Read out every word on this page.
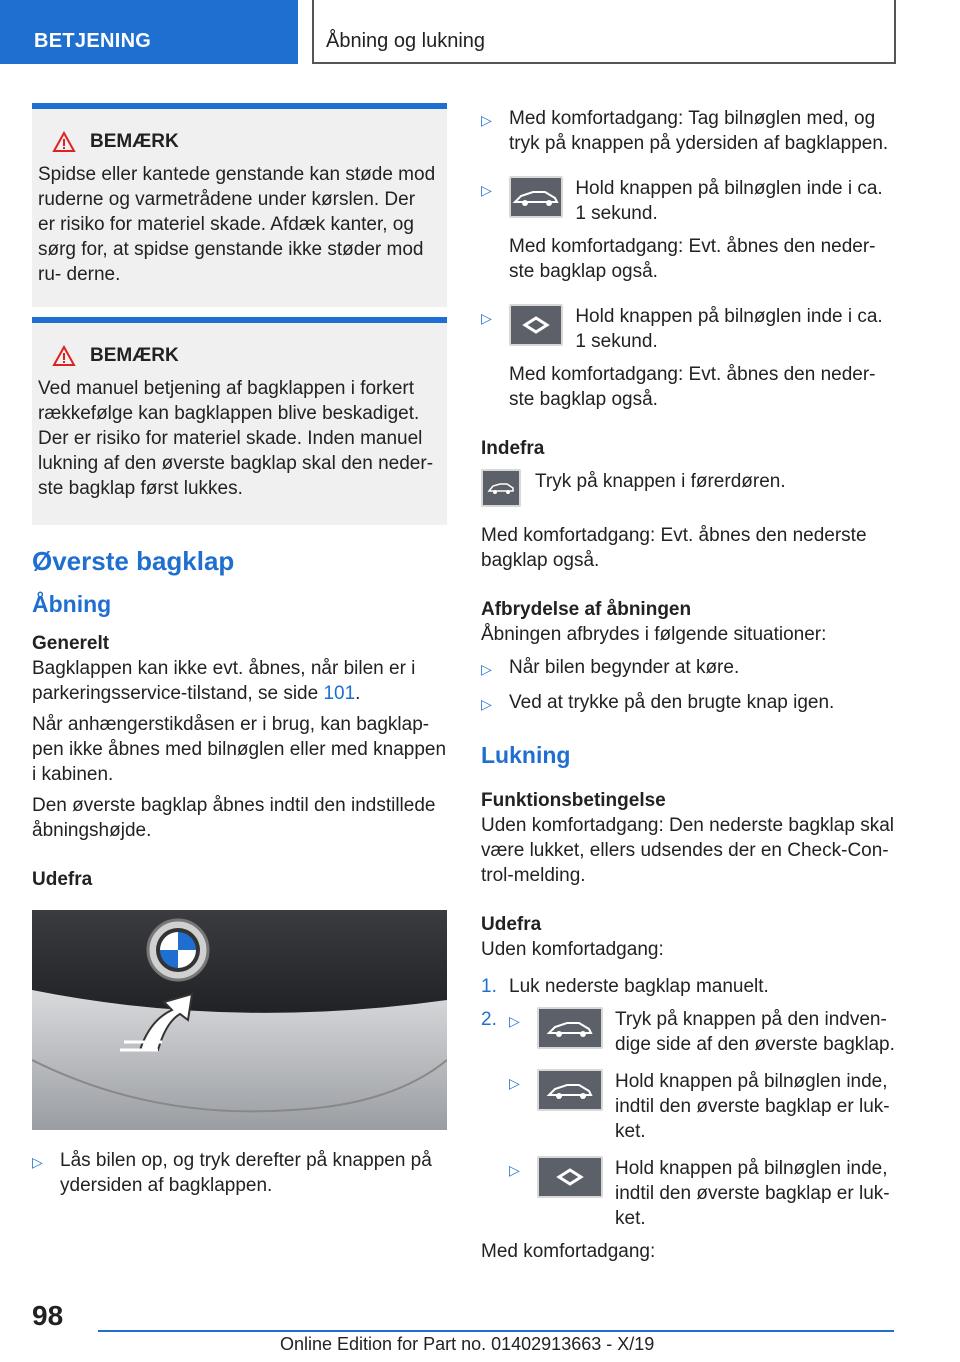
BETJENING	Åbning og lukning
BEMÆRK

Spidse eller kantede genstande kan støde mod ruderne og varmetrådene under kørslen. Der er risiko for materiel skade. Afdæk kanter, og sørg for, at spidse genstande ikke støder mod ru- derne.

BEMÆRK

Ved manuel betjening af bagklappen i forkert rækkefølge kan bagklappen blive beskadiget. Der er risiko for materiel skade. Inden manuel lukning af den øverste bagklap skal den neder- ste bagklap først lukkes.

Øverste bagklap
Åbning
Generelt

Bagklappen kan ikke evt. åbnes, når bilen er i parkeringsservice-tilstand, se side 101.

Når anhængerstikdåsen er i brug, kan bagklap- pen ikke åbnes med bilnøglen eller med knappen i kabinen.

Den øverste bagklap åbnes indtil den indstillede åbningshøjde.

Udefra
▷ Lås bilen op, og tryk derefter på knappen på ydersiden af bagklappen.
▷ Med komfortadgang: Tag bilnøglen med, og tryk på knappen på ydersiden af bagklappen.
▷	Hold knappen på bilnøglen inde i ca. 1 sekund.

Med komfortadgang: Evt. åbnes den neder- ste bagklap også.

▷	Hold knappen på bilnøglen inde i ca. 1 sekund.

Med komfortadgang: Evt. åbnes den neder- ste bagklap også.

Indefra
Tryk på knappen i førerdøren.

Med komfortadgang: Evt. åbnes den nederste bagklap også.

Afbrydelse af åbningen

Åbningen afbrydes i følgende situationer:

▷ Når bilen begynder at køre.
▷ Ved at trykke på den brugte knap igen.
Lukning
Funktionsbetingelse

Uden komfortadgang: Den nederste bagklap skal være lukket, ellers udsendes der en Check-Con- trol-melding.

Udefra

Uden komfortadgang:

1. Luk nederste bagklap manuelt.
2. ▷	Tryk på knappen på den indven- dige side af den øverste bagklap.
▷	Hold knappen på bilnøglen inde, indtil den øverste bagklap er luk- ket.
▷	Hold knappen på bilnøglen inde, indtil den øverste bagklap er luk- ket.

Med komfortadgang:

98
Online Edition for Part no. 01402913663 - X/19
